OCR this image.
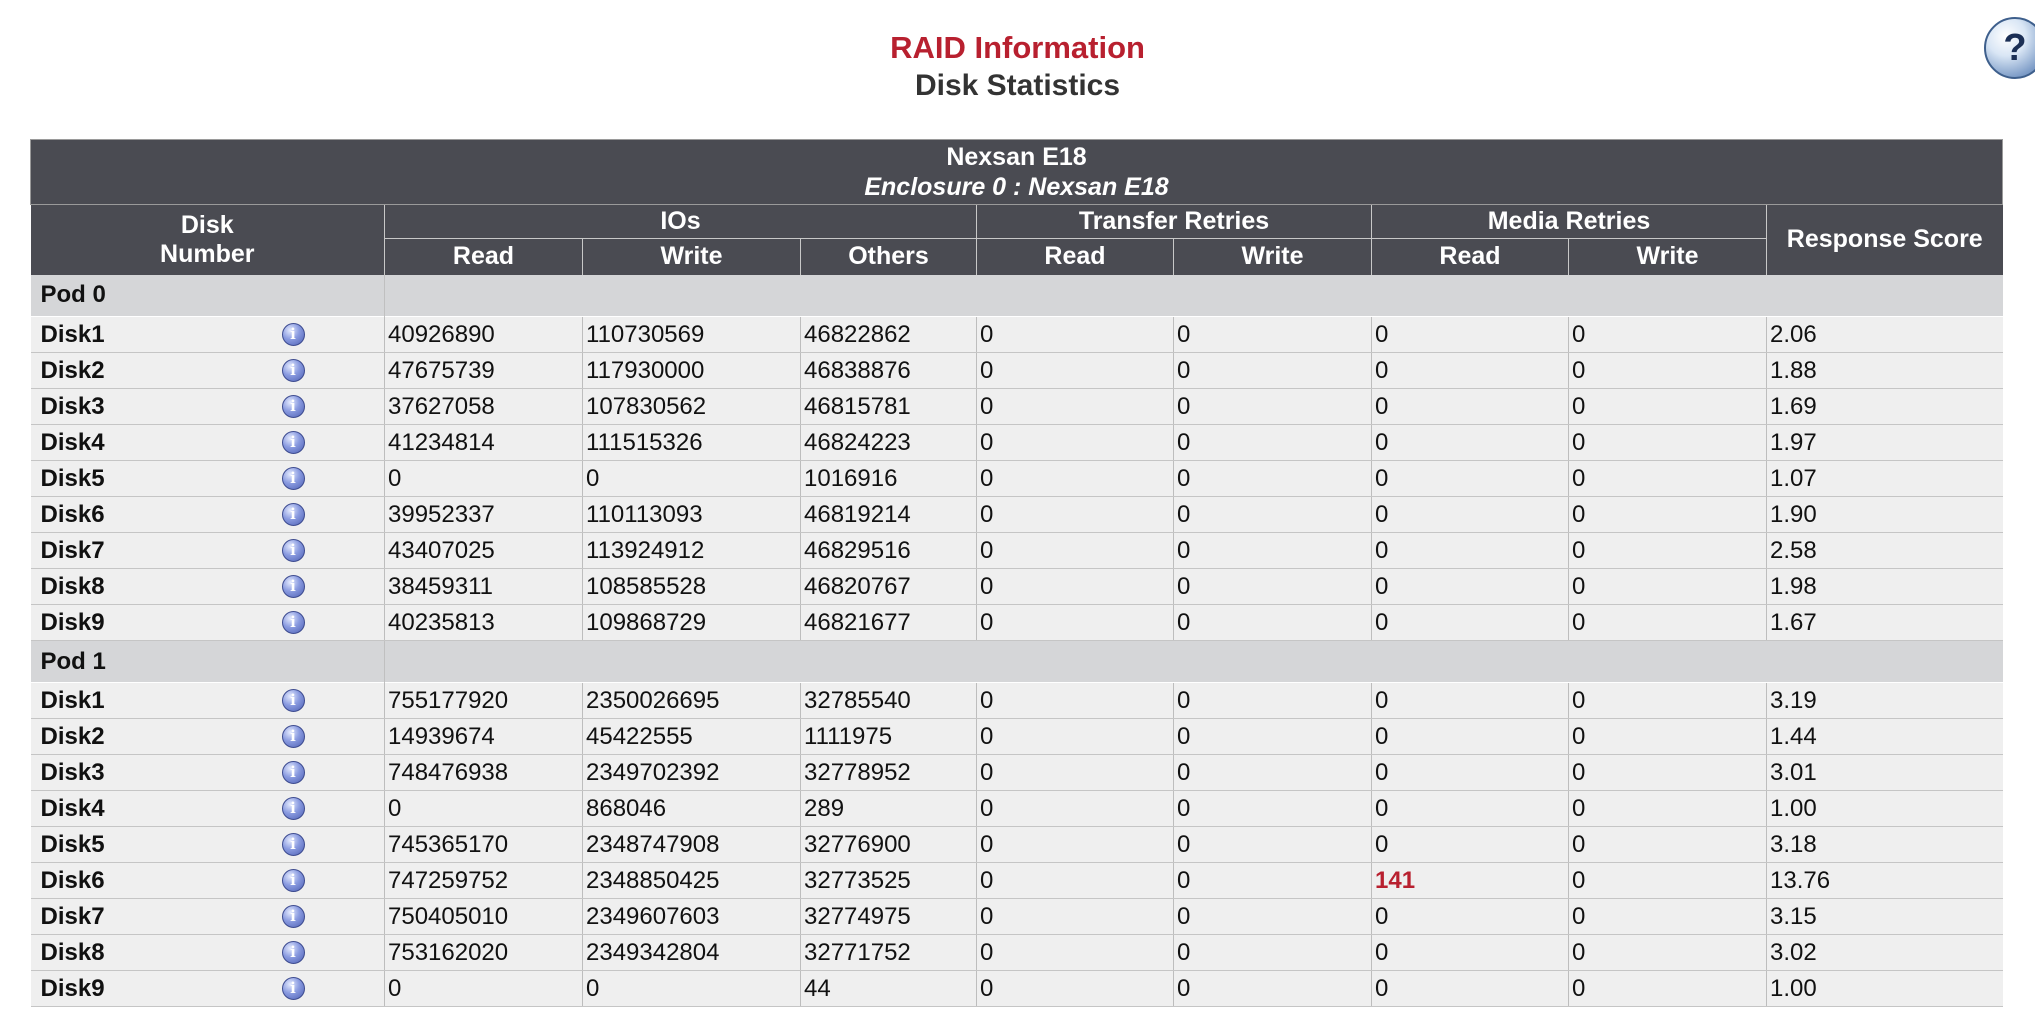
RAID Information
Disk Statistics
?
Nexsan E18
Enclosure 0 : Nexsan E18								

Disk
Number	IOs			Transfer Retries		Media Retries		Response Score
	Read	Write	Others	Read	Write	Read	Write	
Pod 0								
Disk1 i	40926890	110730569	46822862	0	0	0	0	2.06
Disk2 i	47675739	117930000	46838876	0	0	0	0	1.88
Disk3 i	37627058	107830562	46815781	0	0	0	0	1.69
Disk4 i	41234814	111515326	46824223	0	0	0	0	1.97
Disk5 i	0	0	1016916	0	0	0	0	1.07
Disk6 i	39952337	110113093	46819214	0	0	0	0	1.90
Disk7 i	43407025	113924912	46829516	0	0	0	0	2.58
Disk8 i	38459311	108585528	46820767	0	0	0	0	1.98
Disk9 i	40235813	109868729	46821677	0	0	0	0	1.67
Pod 1								
Disk1 i	755177920	2350026695	32785540	0	0	0	0	3.19
Disk2 i	14939674	45422555	1111975	0	0	0	0	1.44
Disk3 i	748476938	2349702392	32778952	0	0	0	0	3.01
Disk4 i	0	868046	289	0	0	0	0	1.00
Disk5 i	745365170	2348747908	32776900	0	0	0	0	3.18
Disk6 i	747259752	2348850425	32773525	0	0	141	0	13.76
Disk7 i	750405010	2349607603	32774975	0	0	0	0	3.15
Disk8 i	753162020	2349342804	32771752	0	0	0	0	3.02
Disk9 i	0	0	44	0	0	0	0	1.00
